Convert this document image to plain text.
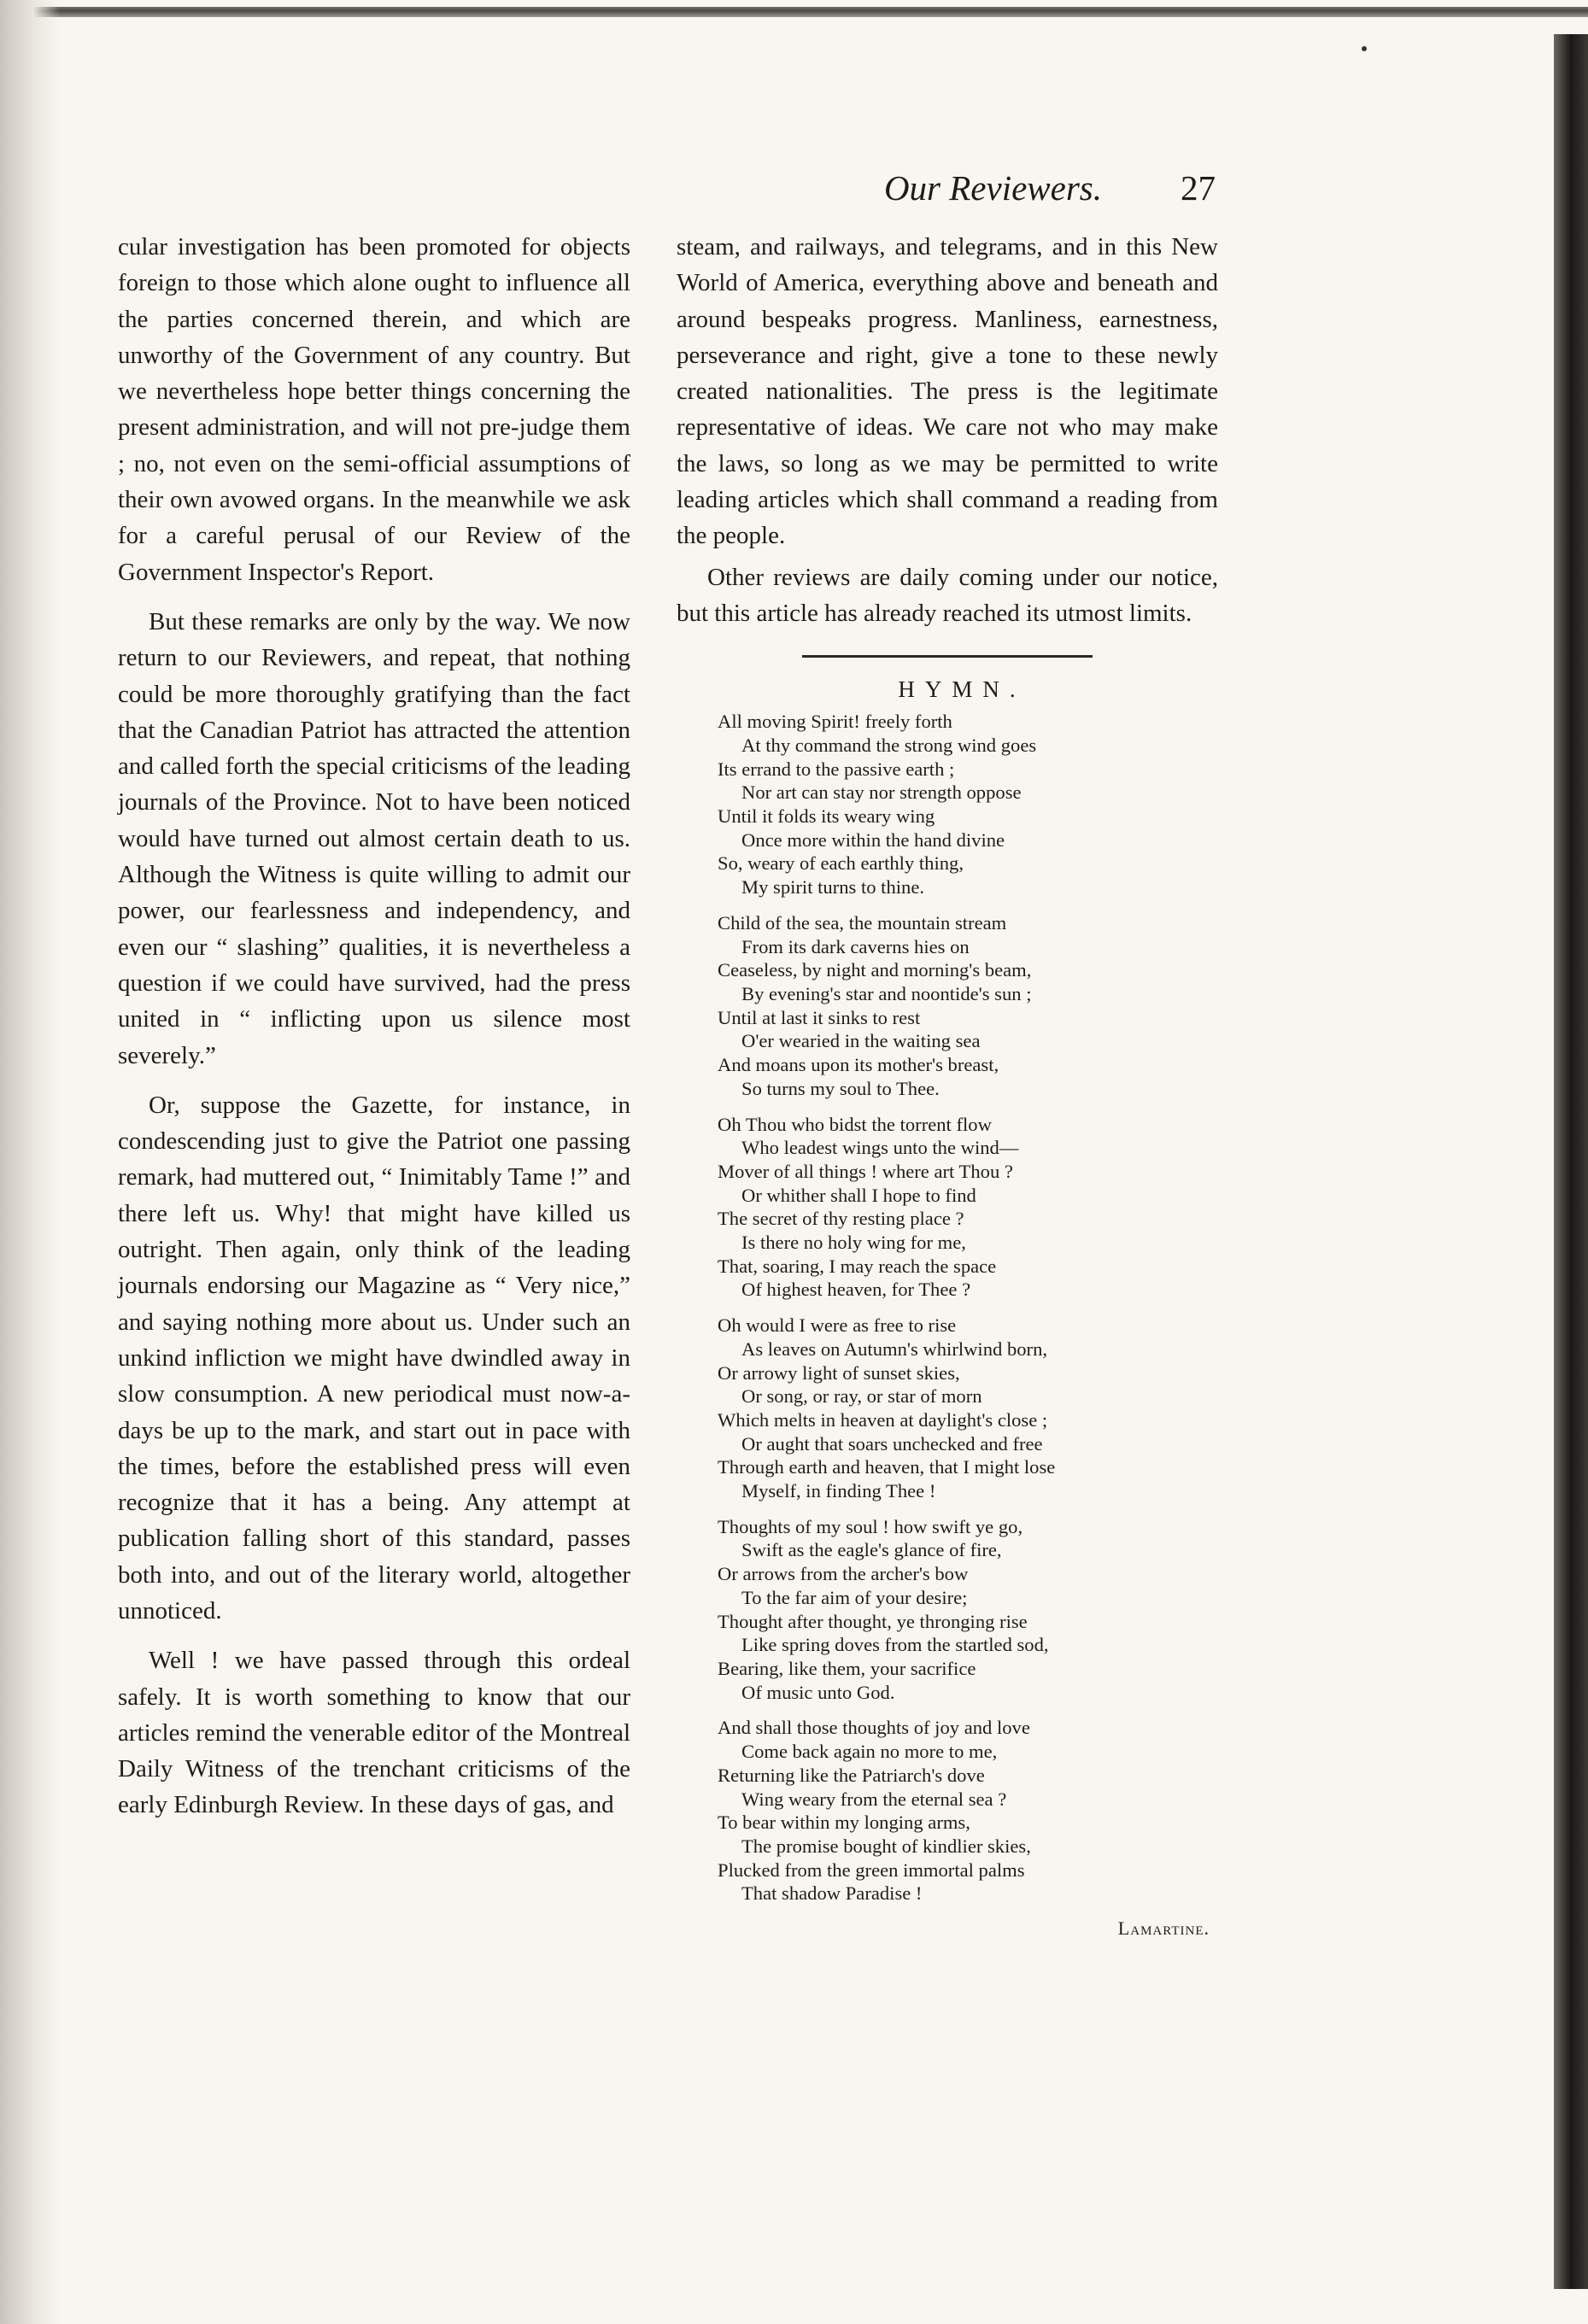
Our Reviewers. 27

cular investigation has been promoted for objects foreign to those which alone ought to influence all the parties concerned therein, and which are unworthy of the Government of any country. But we nevertheless hope better things concerning the present administration, and will not pre-judge them ; no, not even on the semi-official assumptions of their own avowed organs. In the meanwhile we ask for a careful perusal of our Review of the Government Inspector's Report.

But these remarks are only by the way. We now return to our Reviewers, and repeat, that nothing could be more thoroughly gratifying than the fact that the Canadian Patriot has attracted the attention and called forth the special criticisms of the leading journals of the Province. Not to have been noticed would have turned out almost certain death to us. Although the Witness is quite willing to admit our power, our fearlessness and independency, and even our “ slashing” qualities, it is nevertheless a question if we could have survived, had the press united in “ inflicting upon us silence most severely.”

Or, suppose the Gazette, for instance, in condescending just to give the Patriot one passing remark, had muttered out, “ Inimitably Tame !” and there left us. Why! that might have killed us outright. Then again, only think of the leading journals endorsing our Magazine as “ Very nice,” and saying nothing more about us. Under such an unkind infliction we might have dwindled away in slow consumption. A new periodical must now-a-days be up to the mark, and start out in pace with the times, before the established press will even recognize that it has a being. Any attempt at publication falling short of this standard, passes both into, and out of the literary world, altogether unnoticed.

Well ! we have passed through this ordeal safely. It is worth something to know that our articles remind the venerable editor of the Montreal Daily Witness of the trenchant criticisms of the early Edinburgh Review. In these days of gas, and

steam, and railways, and telegrams, and in this New World of America, everything above and beneath and around bespeaks progress. Manliness, earnestness, perseverance and right, give a tone to these newly created nationalities. The press is the legitimate representative of ideas. We care not who may make the laws, so long as we may be permitted to write leading articles which shall command a reading from the people.

Other reviews are daily coming under our notice, but this article has already reached its utmost limits.

HYMN.
All moving Spirit! freely forth
At thy command the strong wind goes
Its errand to the passive earth ;
Nor art can stay nor strength oppose
Until it folds its weary wing
Once more within the hand divine
So, weary of each earthly thing,
My spirit turns to thine.
Child of the sea, the mountain stream
From its dark caverns hies on
Ceaseless, by night and morning's beam,
By evening's star and noontide's sun ;
Until at last it sinks to rest
O'er wearied in the waiting sea
And moans upon its mother's breast,
So turns my soul to Thee.
Oh Thou who bidst the torrent flow
Who leadest wings unto the wind—
Mover of all things ! where art Thou ?
Or whither shall I hope to find
The secret of thy resting place ?
Is there no holy wing for me,
That, soaring, I may reach the space
Of highest heaven, for Thee ?
Oh would I were as free to rise
As leaves on Autumn's whirlwind born,
Or arrowy light of sunset skies,
Or song, or ray, or star of morn
Which melts in heaven at daylight's close ;
Or aught that soars unchecked and free
Through earth and heaven, that I might lose
Myself, in finding Thee !
Thoughts of my soul ! how swift ye go,
Swift as the eagle's glance of fire,
Or arrows from the archer's bow
To the far aim of your desire;
Thought after thought, ye thronging rise
Like spring doves from the startled sod,
Bearing, like them, your sacrifice
Of music unto God.
And shall those thoughts of joy and love
Come back again no more to me,
Returning like the Patriarch's dove
Wing weary from the eternal sea ?
To bear within my longing arms,
The promise bought of kindlier skies,
Plucked from the green immortal palms
That shadow Paradise !
Lamartine.
